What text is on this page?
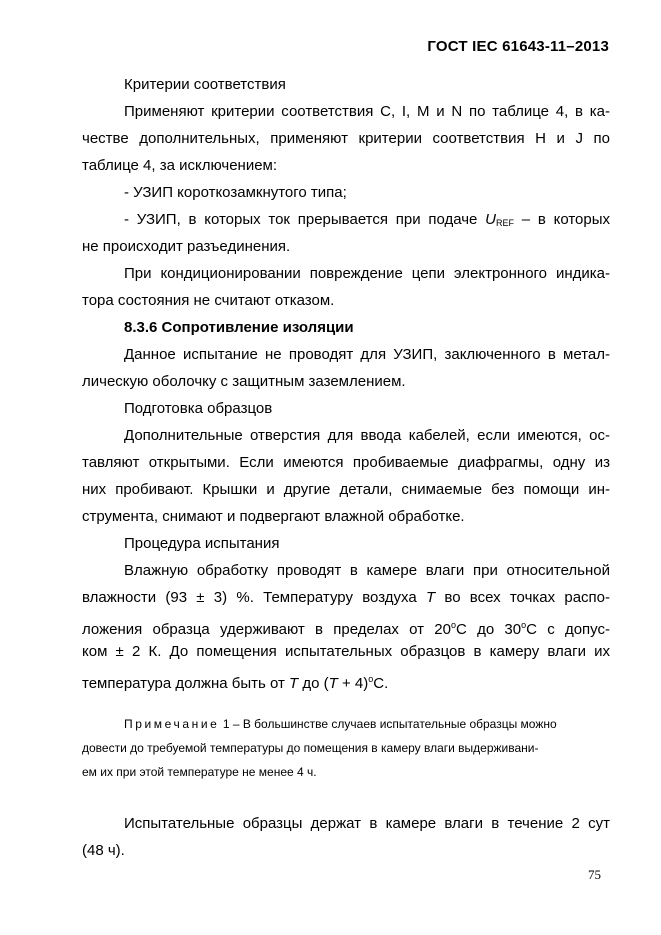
ГОСТ IEC 61643-11–2013
Критерии соответствия
Применяют критерии соответствия С, I, М и N по таблице 4, в ка-
честве дополнительных, применяют критерии соответствия Н и J по
таблице 4, за исключением:
- УЗИП короткозамкнутого типа;
- УЗИП, в которых ток прерывается при подаче $U_{REF}$ – в которых
не происходит разъединения.
При кондиционировании повреждение цепи электронного индика-
тора состояния не считают отказом.
8.3.6 Сопротивление изоляции
Данное испытание не проводят для УЗИП, заключенного в метал-
лическую оболочку с защитным заземлением.
Подготовка образцов
Дополнительные отверстия для ввода кабелей, если имеются, ос-
тавляют открытыми. Если имеются пробиваемые диафрагмы, одну из
них пробивают. Крышки и другие детали, снимаемые без помощи ин-
струмента, снимают и подвергают влажной обработке.
Процедура испытания
Влажную обработку проводят в камере влаги при относительной
влажности (93 ± 3) %. Температуру воздуха T во всех точках распо-
ложения образца удерживают в пределах от $20^оС$ до $30^оС$ с допус-
ком ± 2 К. До помещения испытательных образцов в камеру влаги их
температура должна быть от T до $(T + 4)^оС$.
Примечание 1 – В большинстве случаев испытательные образцы можно
довести до требуемой температуры до помещения в камеру влаги выдерживани-
ем их при этой температуре не менее 4 ч.
Испытательные образцы держат в камере влаги в течение 2 сут
(48 ч).
75
